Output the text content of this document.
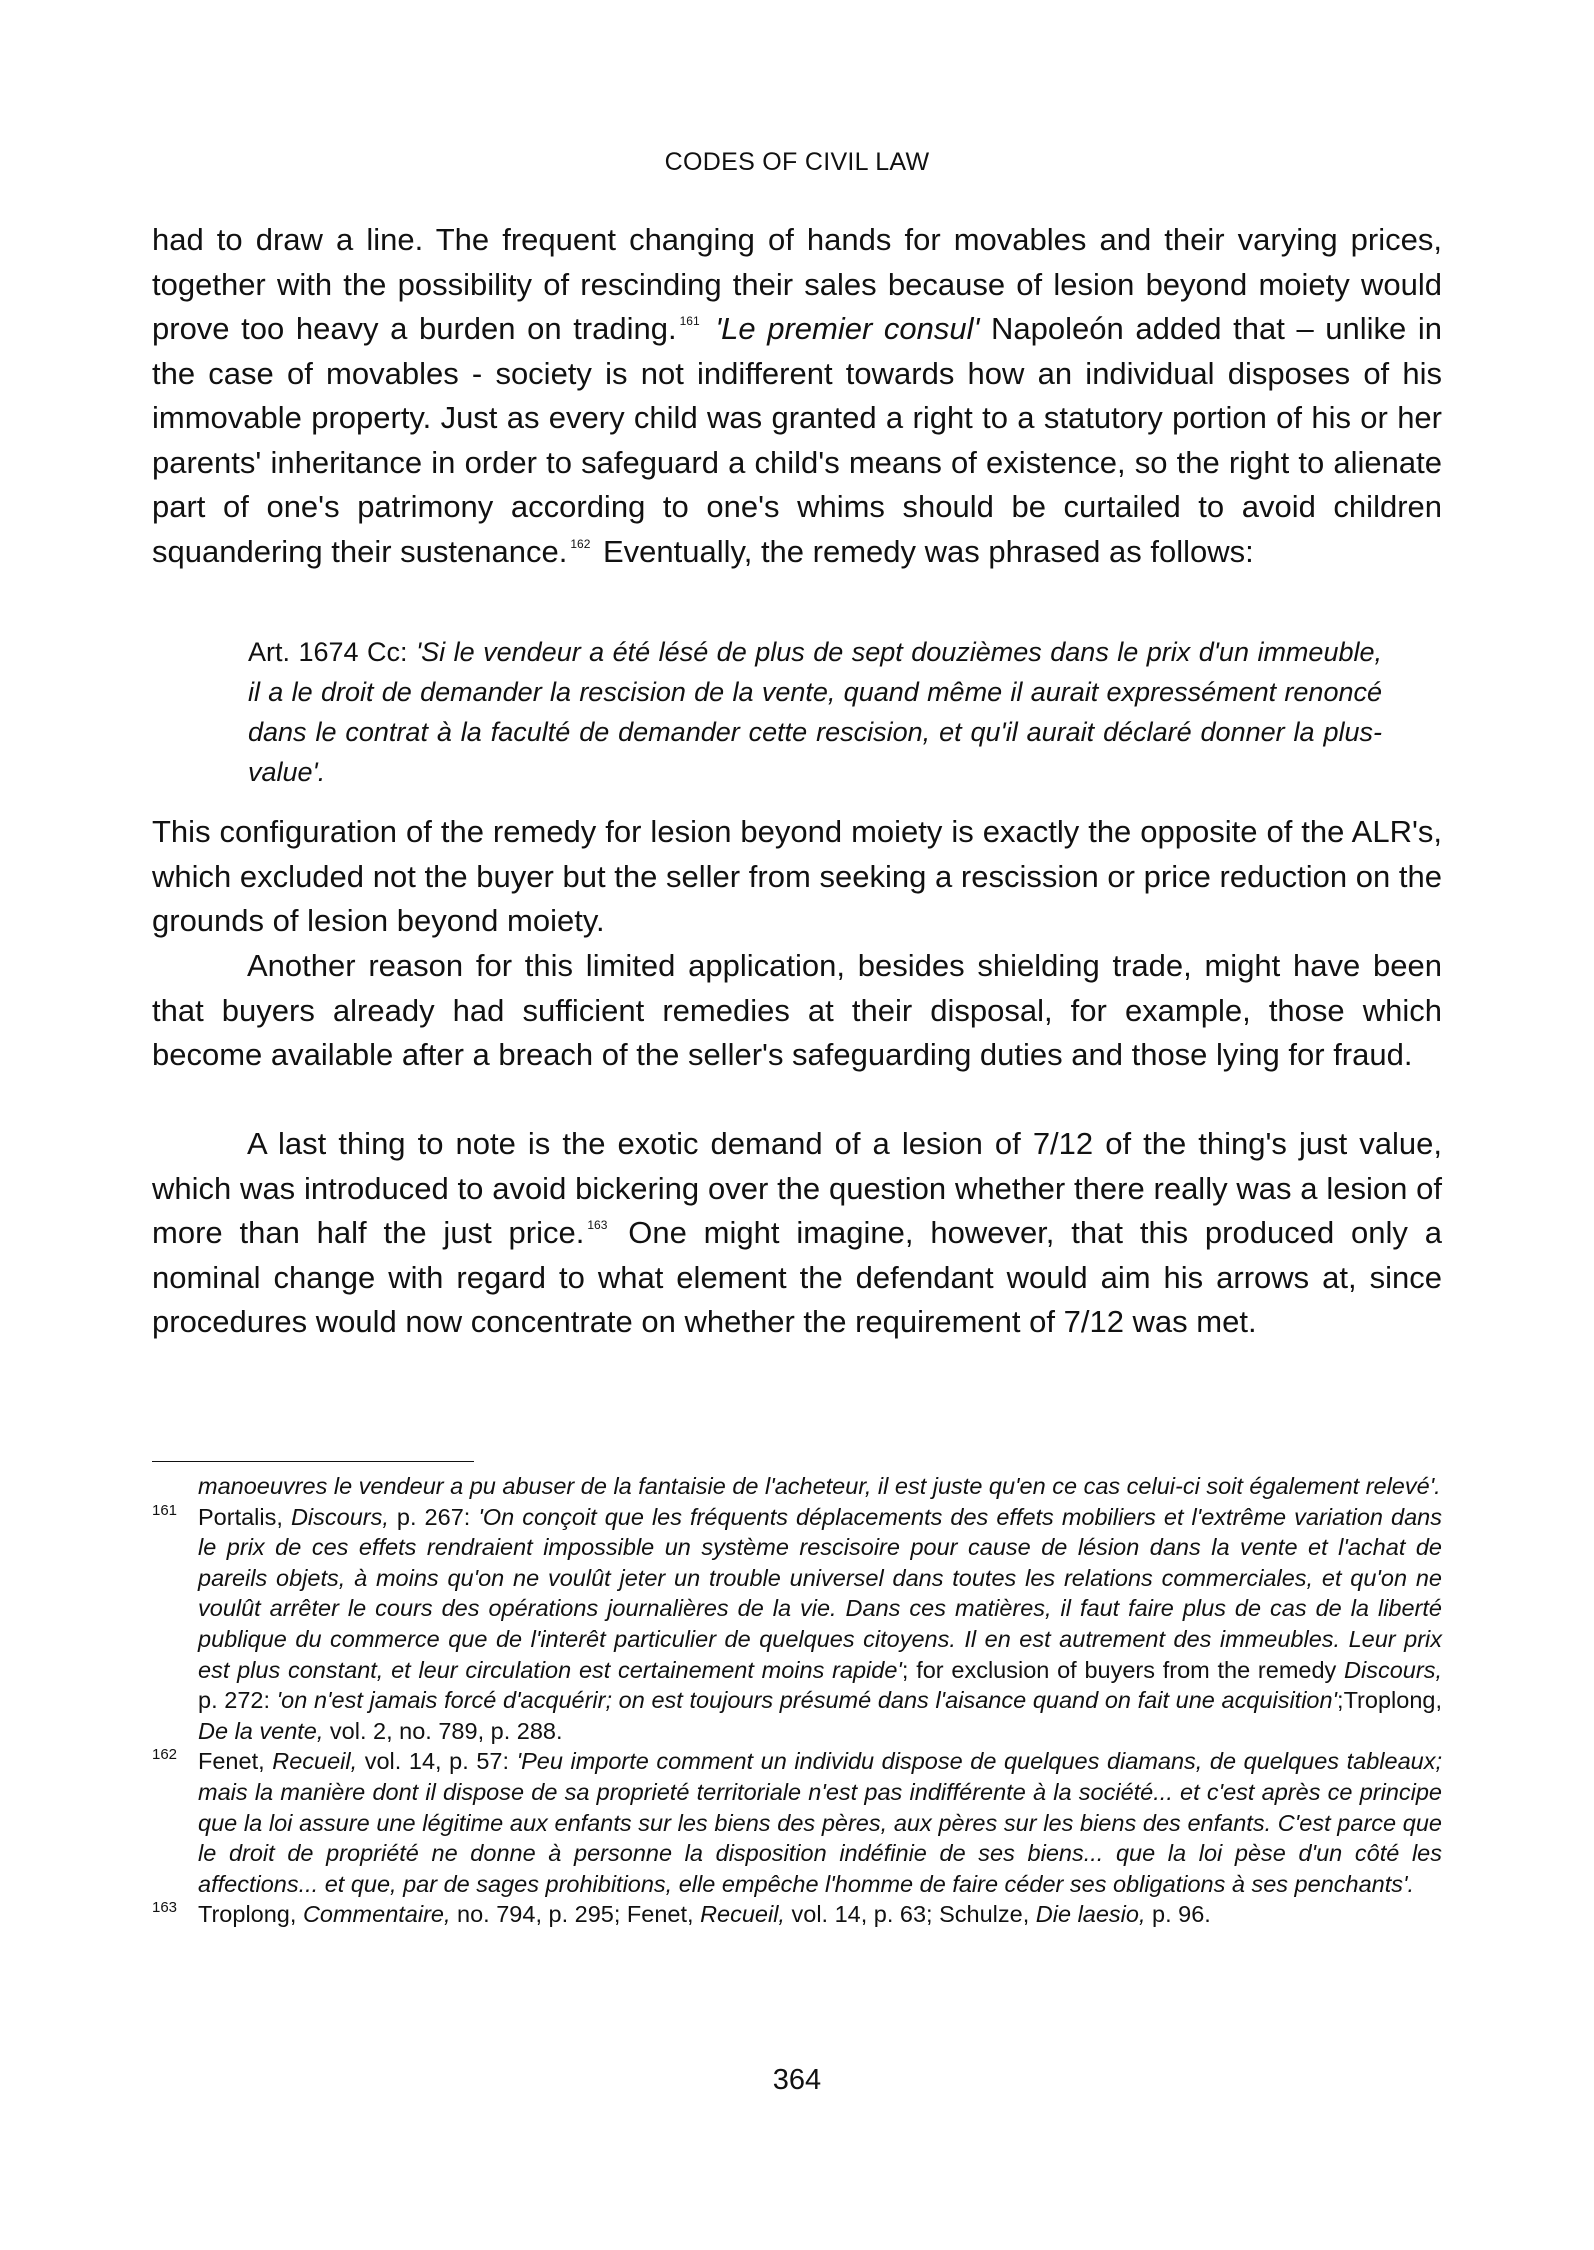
CODES OF CIVIL LAW

had to draw a line. The frequent changing of hands for movables and their varying prices, together with the possibility of rescinding their sales because of lesion beyond moiety would prove too heavy a burden on trading. $^{161}$ 'Le premier consul' Napoleón added that – unlike in the case of movables - society is not indifferent towards how an individual disposes of his immovable property. Just as every child was granted a right to a statutory portion of his or her parents' inheritance in order to safeguard a child's means of existence, so the right to alienate part of one's patrimony according to one's whims should be curtailed to avoid children squandering their sustenance. $^{162}$ Eventually, the remedy was phrased as follows:

Art. 1674 Cc: 'Si le vendeur a été lésé de plus de sept douzièmes dans le prix d'un immeuble, il a le droit de demander la rescision de la vente, quand même il aurait expressément renoncé dans le contrat à la faculté de demander cette rescision, et qu'il aurait déclaré donner la plus-value'.

This configuration of the remedy for lesion beyond moiety is exactly the opposite of the ALR's, which excluded not the buyer but the seller from seeking a rescission or price reduction on the grounds of lesion beyond moiety.

Another reason for this limited application, besides shielding trade, might have been that buyers already had sufficient remedies at their disposal, for example, those which become available after a breach of the seller's safeguarding duties and those lying for fraud.

A last thing to note is the exotic demand of a lesion of 7/12 of the thing's just value, which was introduced to avoid bickering over the question whether there really was a lesion of more than half the just price. $^{163}$ One might imagine, however, that this produced only a nominal change with regard to what element the defendant would aim his arrows at, since procedures would now concentrate on whether the requirement of 7/12 was met.

manoeuvres le vendeur a pu abuser de la fantaisie de l'acheteur, il est juste qu'en ce cas celui-ci soit également relevé'.
161 Portalis, Discours, p. 267: 'On conçoit que les fréquents déplacements des effets mobiliers et l'extrême variation dans le prix de ces effets rendraient impossible un système rescisoire pour cause de lésion dans la vente et l'achat de pareils objets, à moins qu'on ne voulût jeter un trouble universel dans toutes les relations commerciales, et qu'on ne voulût arrêter le cours des opérations journalières de la vie. Dans ces matières, il faut faire plus de cas de la liberté publique du commerce que de l'interêt particulier de quelques citoyens. Il en est autrement des immeubles. Leur prix est plus constant, et leur circulation est certainement moins rapide'; for exclusion of buyers from the remedy Discours, p. 272: 'on n'est jamais forcé d'acquérir; on est toujours présumé dans l'aisance quand on fait une acquisition';Troplong, De la vente, vol. 2, no. 789, p. 288.
162 Fenet, Recueil, vol. 14, p. 57: 'Peu importe comment un individu dispose de quelques diamans, de quelques tableaux; mais la manière dont il dispose de sa proprieté territoriale n'est pas indifférente à la société... et c'est après ce principe que la loi assure une légitime aux enfants sur les biens des pères, aux pères sur les biens des enfants. C'est parce que le droit de propriété ne donne à personne la disposition indéfinie de ses biens... que la loi pèse d'un côté les affections... et que, par de sages prohibitions, elle empêche l'homme de faire céder ses obligations à ses penchants'.
163 Troplong, Commentaire, no. 794, p. 295; Fenet, Recueil, vol. 14, p. 63; Schulze, Die laesio, p. 96.
364
